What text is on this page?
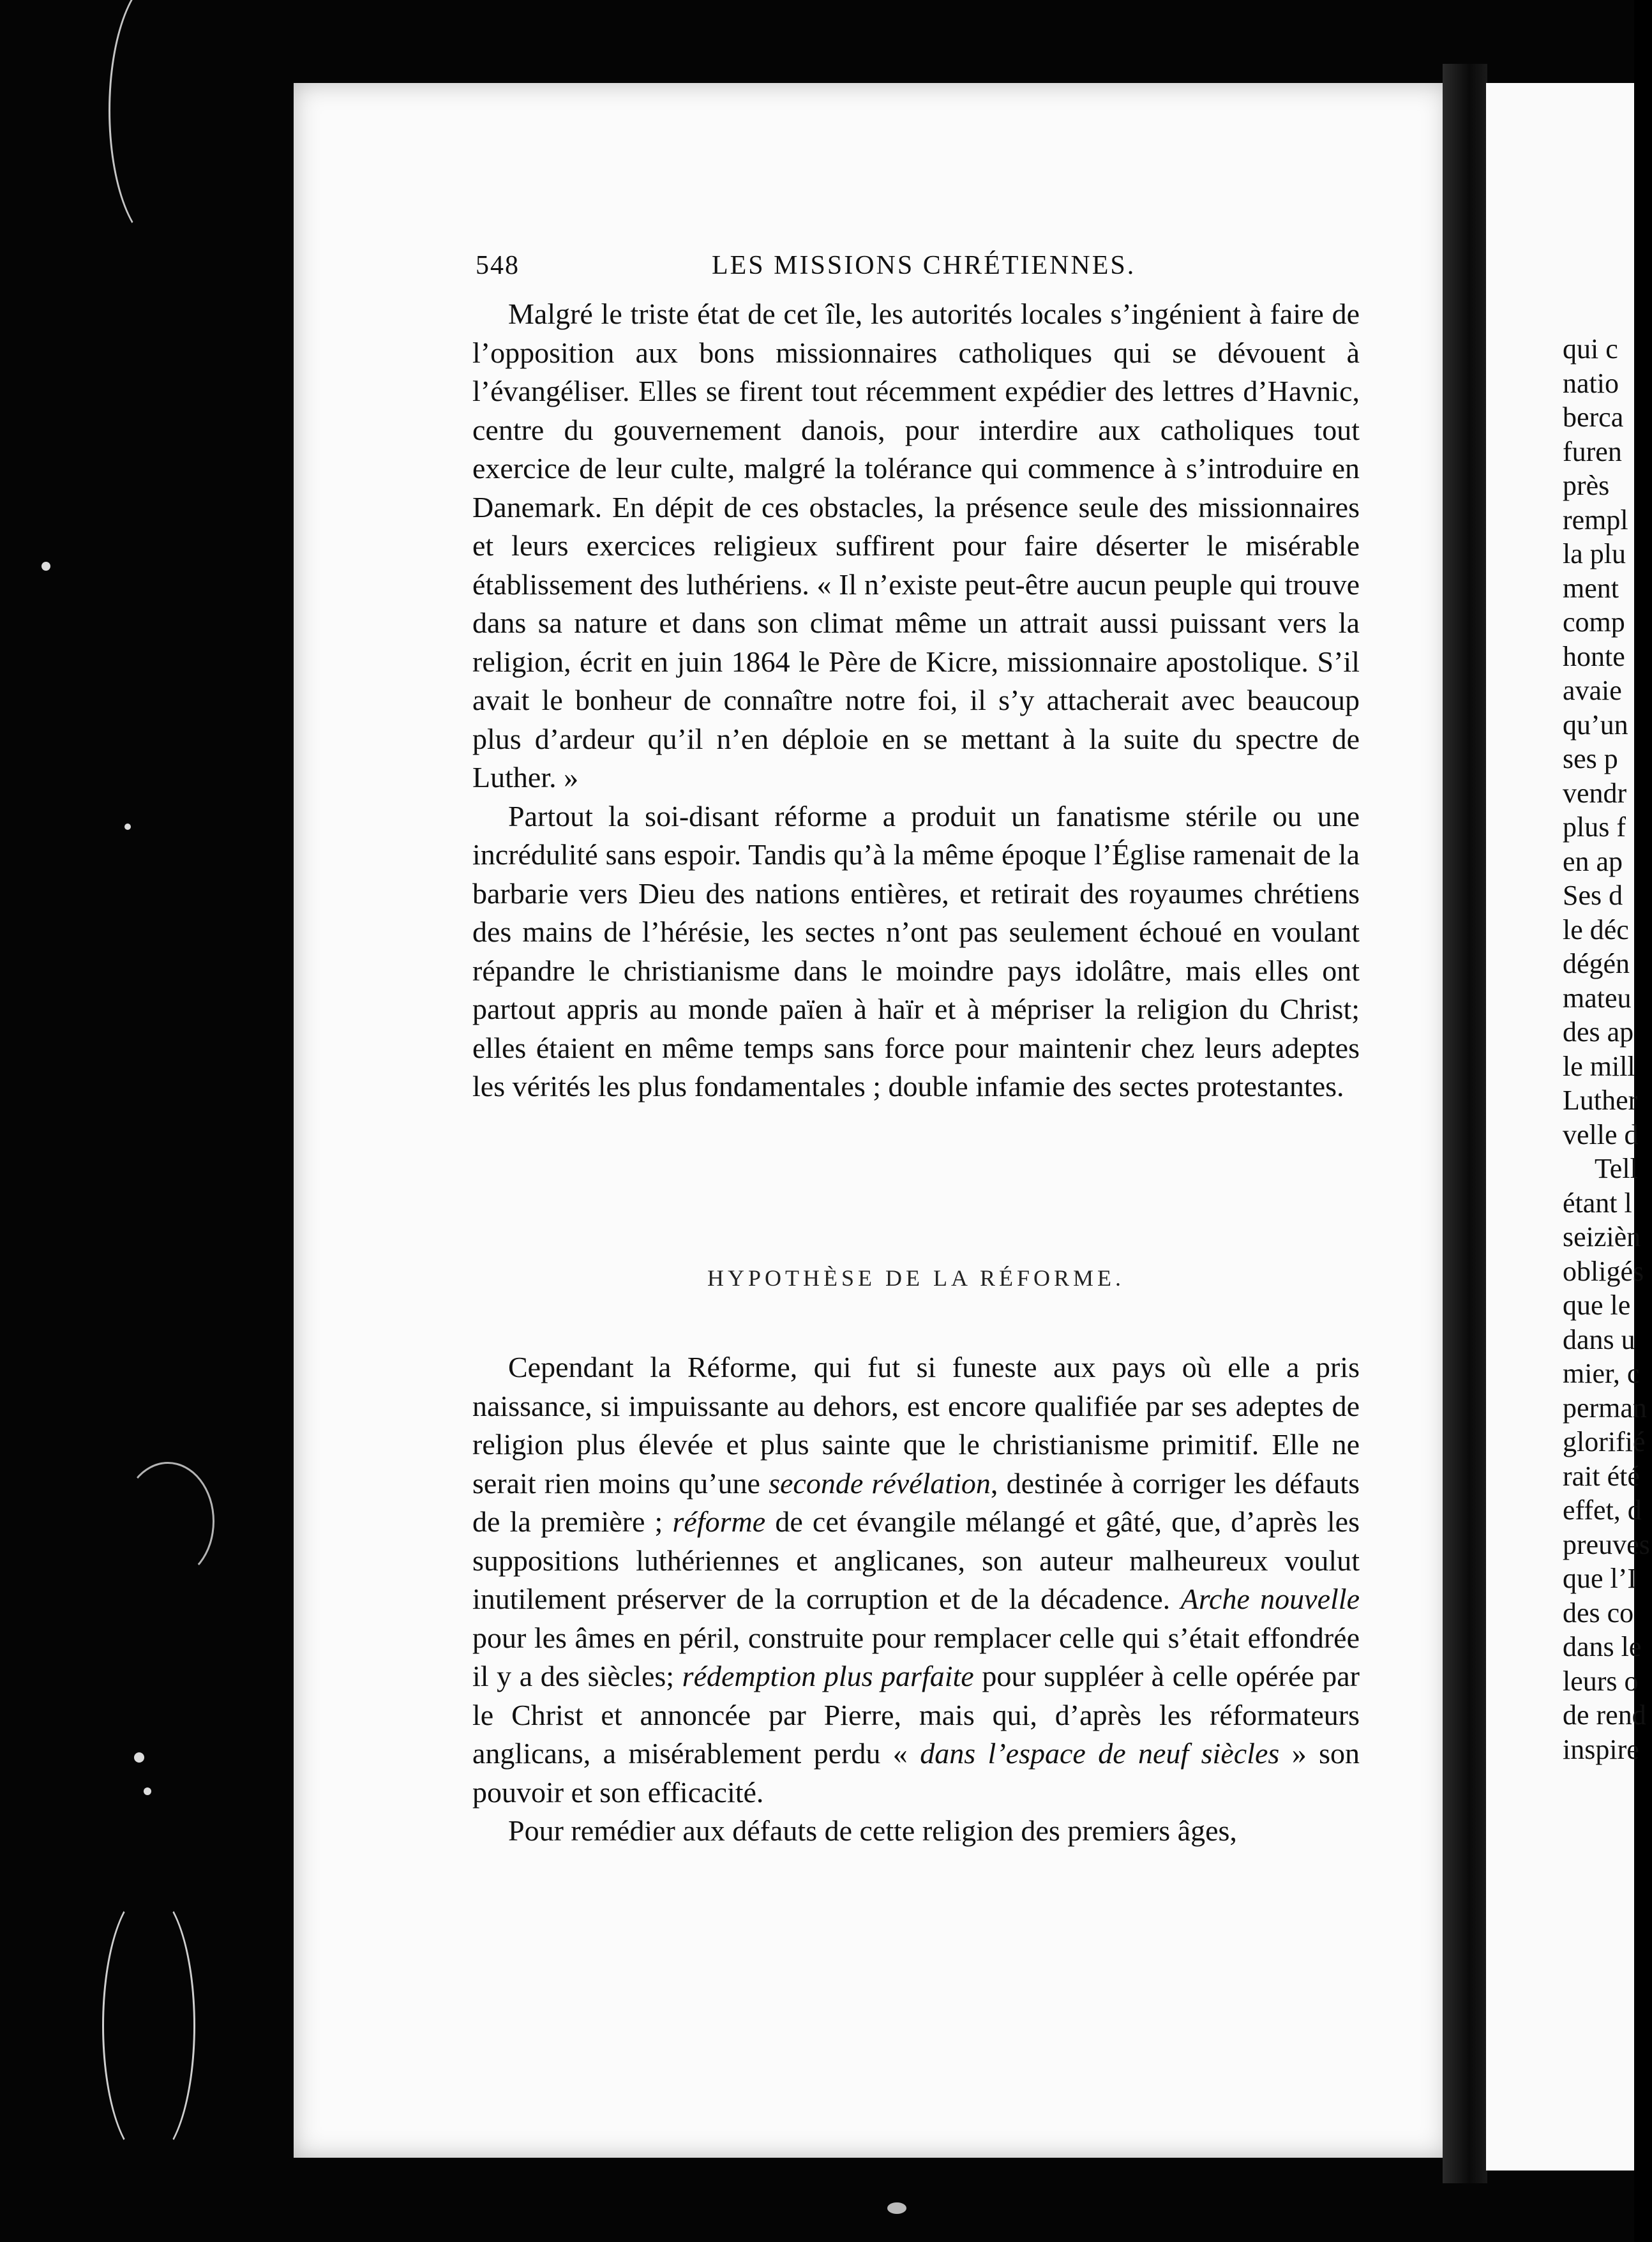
548	LES MISSIONS CHRÉTIENNES.

Malgré le triste état de cet île, les autorités locales s’ingénient à faire de l’opposition aux bons missionnaires catholiques qui se dévouent à l’évangéliser. Elles se firent tout récemment expédier des lettres d’Havnic, centre du gouvernement danois, pour interdire aux catholiques tout exercice de leur culte, malgré la tolérance qui commence à s’introduire en Danemark. En dépit de ces obstacles, la présence seule des missionnaires et leurs exercices religieux suffirent pour faire déserter le misérable établissement des luthériens. « Il n’existe peut-être aucun peuple qui trouve dans sa nature et dans son climat même un attrait aussi puissant vers la religion, écrit en juin 1864 le Père de Kicre, missionnaire apostolique. S’il avait le bonheur de connaître notre foi, il s’y attacherait avec beaucoup plus d’ardeur qu’il n’en déploie en se mettant à la suite du spectre de Luther. »

Partout la soi-disant réforme a produit un fanatisme stérile ou une incrédulité sans espoir. Tandis qu’à la même époque l’Église ramenait de la barbarie vers Dieu des nations entières, et retirait des royaumes chrétiens des mains de l’hérésie, les sectes n’ont pas seulement échoué en voulant répandre le christianisme dans le moindre pays idolâtre, mais elles ont partout appris au monde païen à haïr et à mépriser la religion du Christ; elles étaient en même temps sans force pour maintenir chez leurs adeptes les vérités les plus fondamentales ; double infamie des sectes protestantes.

HYPOTHÈSE DE LA RÉFORME.

Cependant la Réforme, qui fut si funeste aux pays où elle a pris naissance, si impuissante au dehors, est encore qualifiée par ses adeptes de religion plus élevée et plus sainte que le christianisme primitif. Elle ne serait rien moins qu’une seconde révélation, destinée à corriger les défauts de la première ; réforme de cet évangile mélangé et gâté, que, d’après les suppositions luthériennes et anglicanes, son auteur malheureux voulut inutilement préserver de la corruption et de la décadence. Arche nouvelle pour les âmes en péril, construite pour remplacer celle qui s’était effondrée il y a des siècles; rédemption plus parfaite pour suppléer à celle opérée par le Christ et annoncée par Pierre, mais qui, d’après les réformateurs anglicans, a misérablement perdu « dans l’espace de neuf siècles » son pouvoir et son efficacité.

Pour remédier aux défauts de cette religion des premiers âges,

qui c
natio
berca
furen
près
rempl
la plu
ment
comp
honte
avaie
qu’un
ses p
vendr
plus f
en ap
Ses d
le déc
dégén
mateu
des ap
le mill
Luther
velle d
Tell
étant l
seizièn
obligés
que le
dans u
mier, c
perman
glorifié
rait été
effet, d
preuves
que l’I
des co
dans le
leurs o
de rend
inspire
